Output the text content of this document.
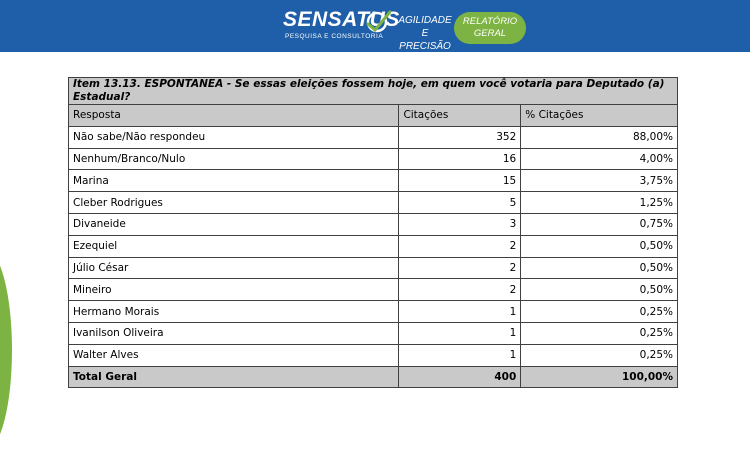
SENSATUS
PESQUISA E CONSULTORIA
AGILIDADE E
PRECISÃO
RELATÓRIO
GERAL
Item 13.13. ESPONTANEA - Se essas eleições fossem hoje, em quem você votaria para Deputado (a) Estadual?		
Resposta	Citações	% Citações
Não sabe/Não respondeu	352	88,00%
Nenhum/Branco/Nulo	16	4,00%
Marina	15	3,75%
Cleber Rodrigues	5	1,25%
Divaneide	3	0,75%
Ezequiel	2	0,50%
Júlio César	2	0,50%
Mineiro	2	0,50%
Hermano Morais	1	0,25%
Ivanilson Oliveira	1	0,25%
Walter Alves	1	0,25%
Total Geral	400	100,00%
